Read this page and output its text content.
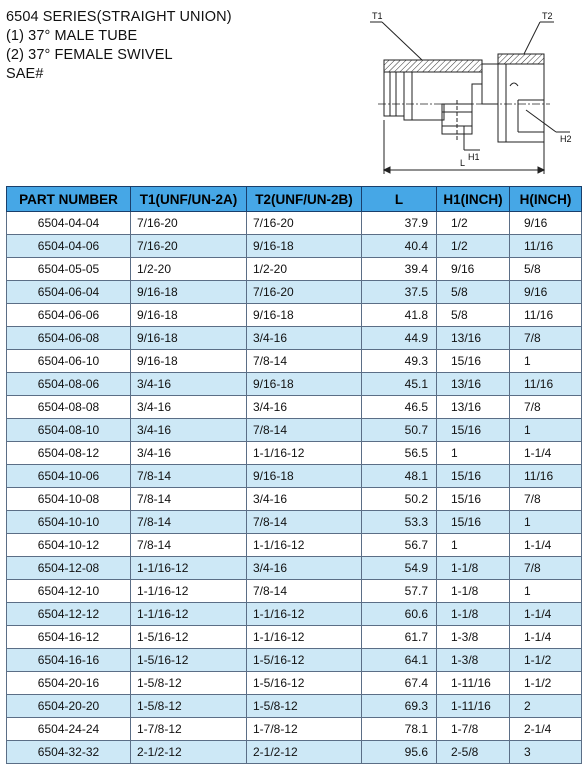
6504 SERIES(STRAIGHT UNION)
(1) 37° MALE TUBE
(2) 37° FEMALE SWIVEL
SAE#
T1	T2
H1
H2
L
PART NUMBER	T1(UNF/UN-2A)	T2(UNF/UN-2B)	L	H1(INCH)	H(INCH)
6504-04-04	7/16-20	7/16-20	37.9	1/2	9/16
6504-04-06	7/16-20	9/16-18	40.4	1/2	11/16
6504-05-05	1/2-20	1/2-20	39.4	9/16	5/8
6504-06-04	9/16-18	7/16-20	37.5	5/8	9/16
6504-06-06	9/16-18	9/16-18	41.8	5/8	11/16
6504-06-08	9/16-18	3/4-16	44.9	13/16	7/8
6504-06-10	9/16-18	7/8-14	49.3	15/16	1
6504-08-06	3/4-16	9/16-18	45.1	13/16	11/16
6504-08-08	3/4-16	3/4-16	46.5	13/16	7/8
6504-08-10	3/4-16	7/8-14	50.7	15/16	1
6504-08-12	3/4-16	1-1/16-12	56.5	1	1-1/4
6504-10-06	7/8-14	9/16-18	48.1	15/16	11/16
6504-10-08	7/8-14	3/4-16	50.2	15/16	7/8
6504-10-10	7/8-14	7/8-14	53.3	15/16	1
6504-10-12	7/8-14	1-1/16-12	56.7	1	1-1/4
6504-12-08	1-1/16-12	3/4-16	54.9	1-1/8	7/8
6504-12-10	1-1/16-12	7/8-14	57.7	1-1/8	1
6504-12-12	1-1/16-12	1-1/16-12	60.6	1-1/8	1-1/4
6504-16-12	1-5/16-12	1-1/16-12	61.7	1-3/8	1-1/4
6504-16-16	1-5/16-12	1-5/16-12	64.1	1-3/8	1-1/2
6504-20-16	1-5/8-12	1-5/16-12	67.4	1-11/16	1-1/2
6504-20-20	1-5/8-12	1-5/8-12	69.3	1-11/16	2
6504-24-24	1-7/8-12	1-7/8-12	78.1	1-7/8	2-1/4
6504-32-32	2-1/2-12	2-1/2-12	95.6	2-5/8	3
